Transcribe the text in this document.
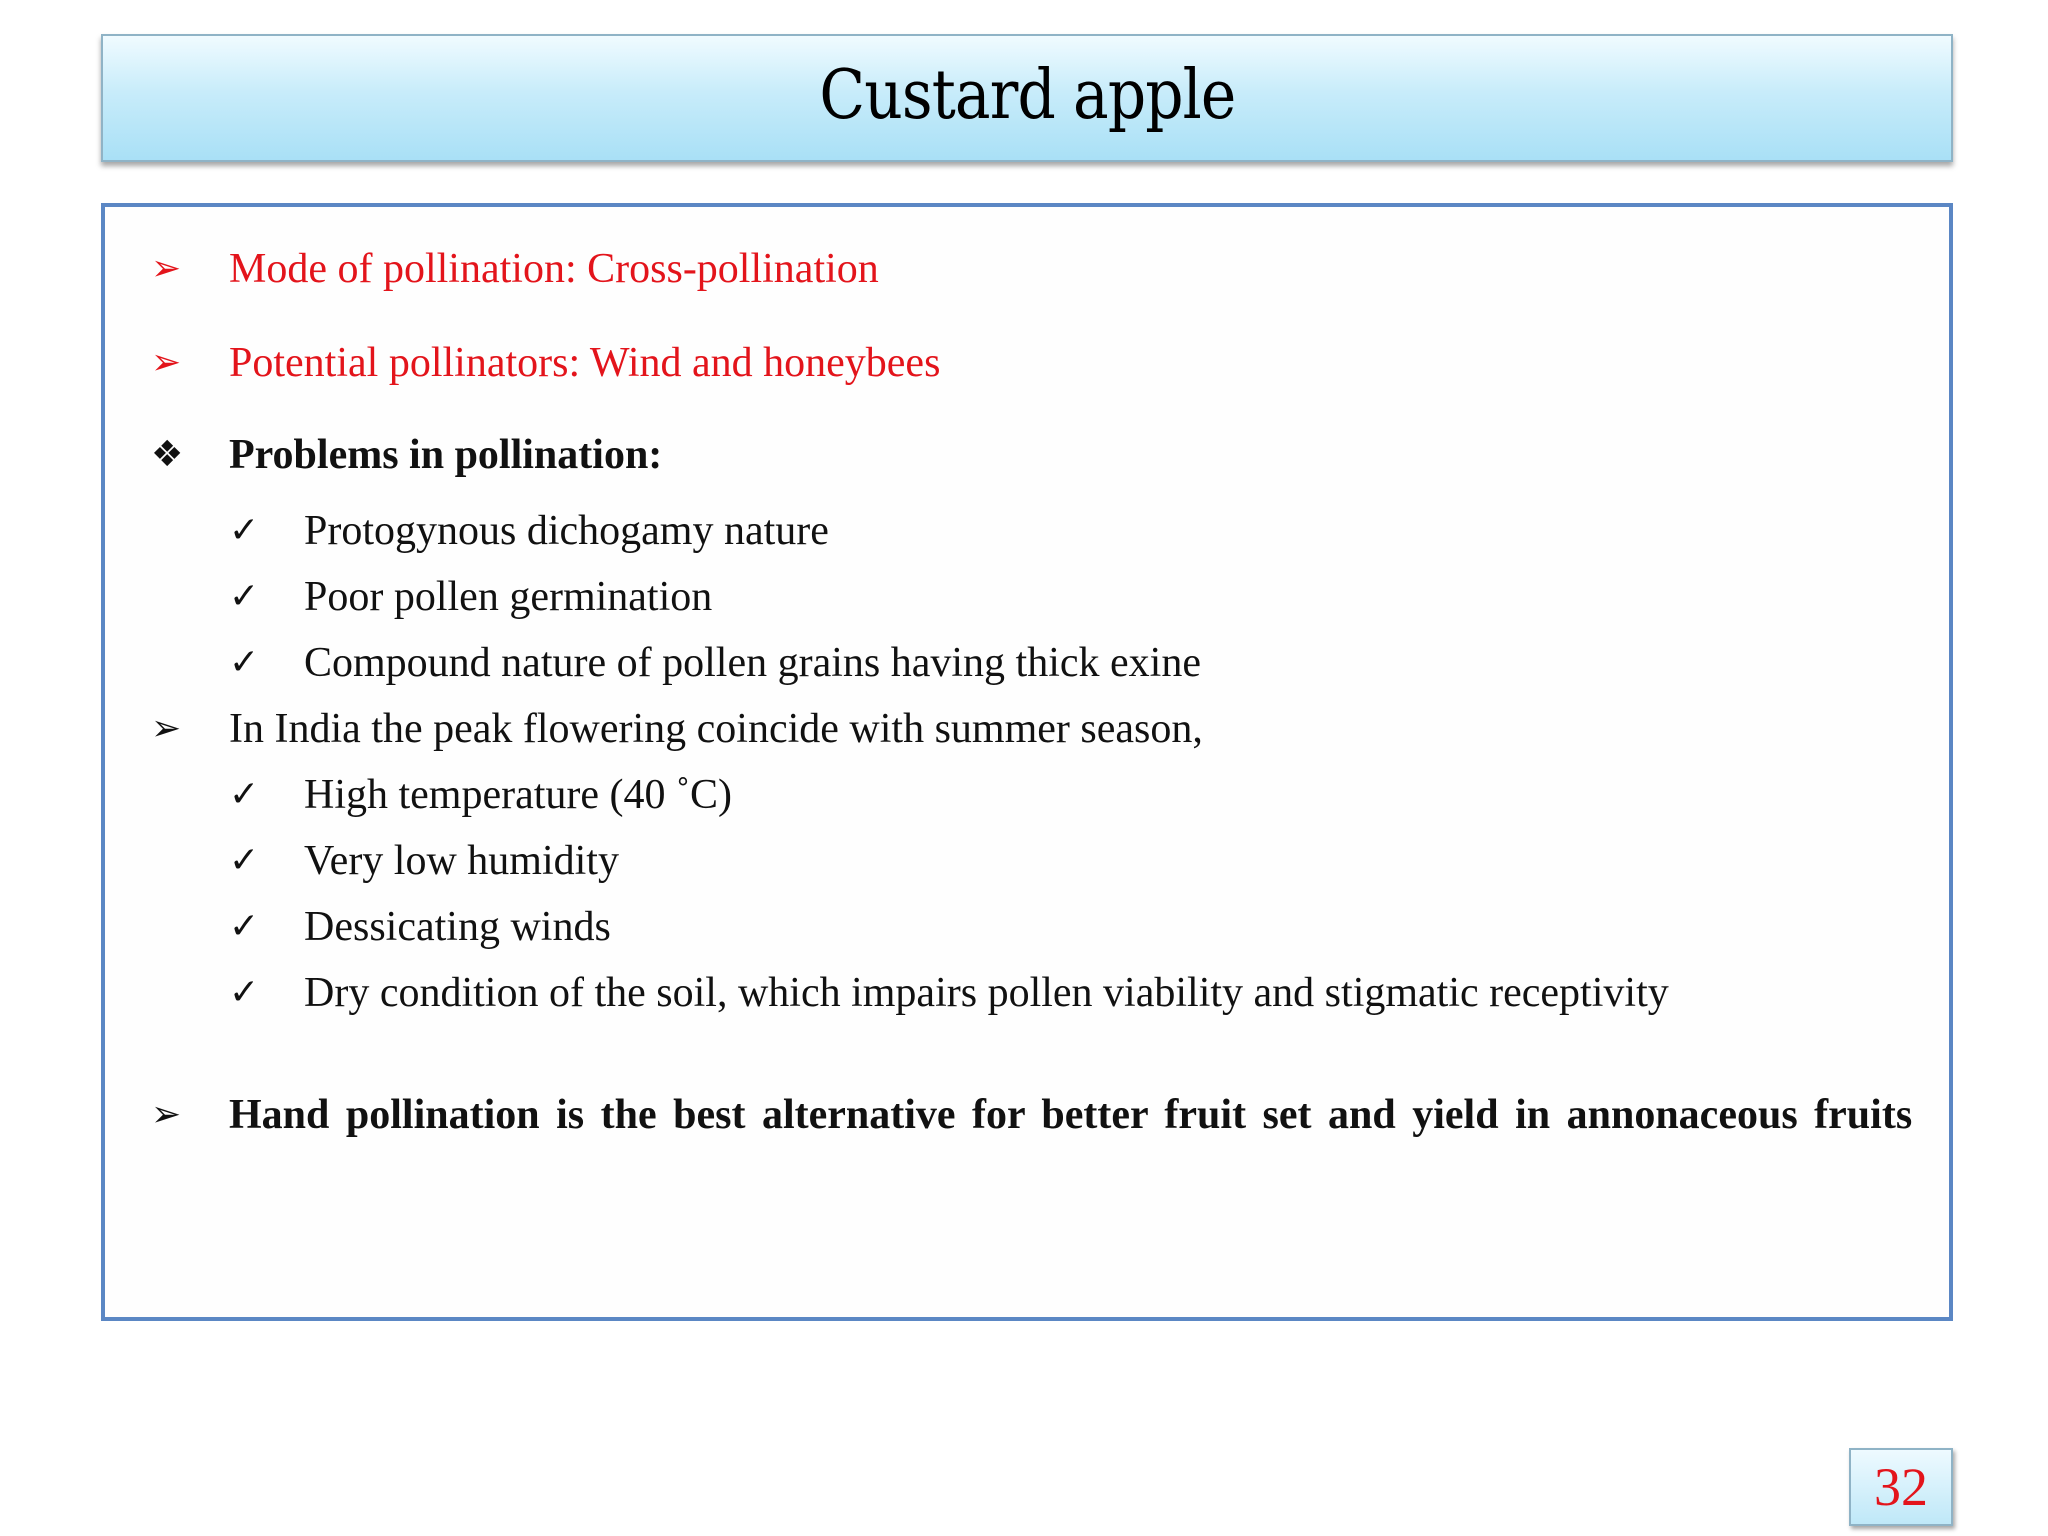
Custard apple
➢ Mode of pollination: Cross-pollination
➢ Potential pollinators: Wind and honeybees
❖ Problems in pollination:
✓ Protogynous dichogamy nature
✓ Poor pollen germination
✓ Compound nature of pollen grains having thick exine
➢ In India the peak flowering coincide with summer season,
✓ High temperature (40 ˚C)
✓ Very low humidity
✓ Dessicating winds
✓ Dry condition of the soil, which impairs pollen viability and stigmatic receptivity
➢ Hand pollination is the best alternative for better fruit set and yield in annonaceous fruits
32
